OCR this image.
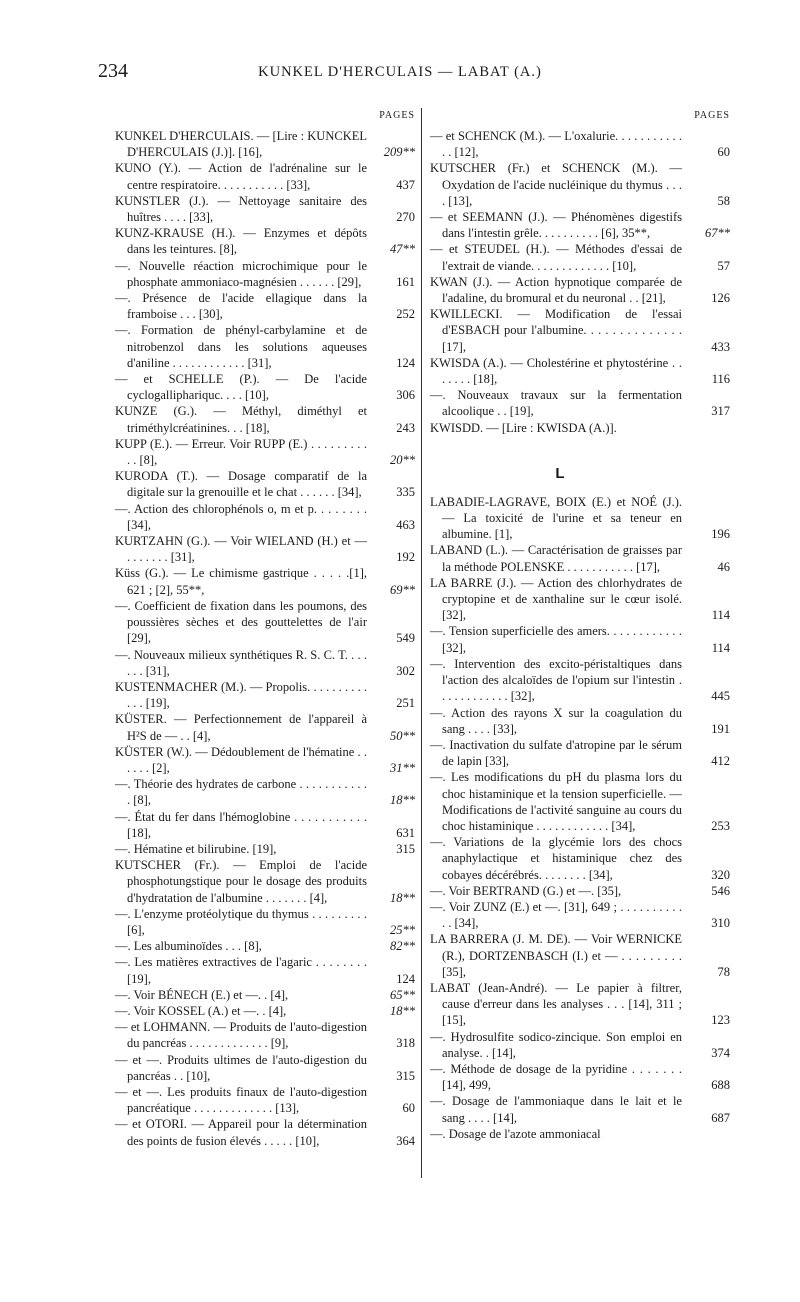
234	KUNKEL D'HERCULAIS — LABAT (A.)
PAGES
KUNKEL D'HERCULAIS. — [Lire : KUNCKEL D'HERCULAIS (J.)]. [16],	209**
KUNO (Y.). — Action de l'adrénaline sur le centre respiratoire. . . . . . . . . . . [33],	437
KUNSTLER (J.). — Nettoyage sanitaire des huîtres . . . . [33],	270
KUNZ-KRAUSE (H.). — Enzymes et dépôts dans les teintures. [8],	47**
—. Nouvelle réaction microchimique pour le phosphate ammoniaco-magnésien . . . . . . [29],	161
—. Présence de l'acide ellagique dans la framboise . . . [30],	252
—. Formation de phényl-carbylamine et de nitrobenzol dans les solutions aqueuses d'aniline . . . . . . . . . . . . [31],	124
— et SCHELLE (P.). — De l'acide cyclogalliphariquc. . . . [10],	306
KUNZE (G.). — Méthyl, diméthyl et triméthylcréatinines. . . [18],	243
KUPP (E.). — Erreur. Voir RUPP (E.) . . . . . . . . . . . [8],	20**
KURODA (T.). — Dosage comparatif de la digitale sur la grenouille et le chat . . . . . . [34],	335
—. Action des chlorophénols o, m et p. . . . . . . . [34],	463
KURTZAHN (G.). — Voir WIELAND (H.) et — . . . . . . . [31],	192
Küss (G.). — Le chimisme gastrique . . . . .[1], 621 ; [2], 55**,	69**
—. Coefficient de fixation dans les poumons, des poussières sèches et des gouttelettes de l'air [29],	549
—. Nouveaux milieux synthétiques R. S. C. T. . . . . . . [31],	302
KUSTENMACHER (M.). — Propolis. . . . . . . . . . . . . [19],	251
KÜSTER. — Perfectionnement de l'appareil à H²S de — . . [4],	50**
KÜSTER (W.). — Dédoublement de l'hématine . . . . . . [2],	31**
—. Théorie des hydrates de carbone . . . . . . . . . . . . [8],	18**
—. État du fer dans l'hémoglobine . . . . . . . . . . . [18],	631
—. Hématine et bilirubine. [19],	315
KUTSCHER (Fr.). — Emploi de l'acide phosphotungstique pour le dosage des produits d'hydratation de l'albumine . . . . . . . [4],	18**
—. L'enzyme protéolytique du thymus . . . . . . . . . [6],	25**
—. Les albuminoïdes . . . [8],	82**
—. Les matières extractives de l'agaric . . . . . . . . [19],	124
—. Voir BÉNECH (E.) et —. . [4],	65**
—. Voir KOSSEL (A.) et —. . [4],	18**
— et LOHMANN. — Produits de l'auto-digestion du pancréas . . . . . . . . . . . . . [9],	318
— et —. Produits ultimes de l'auto-digestion du pancréas . . [10],	315
— et —. Les produits finaux de l'auto-digestion pancréatique . . . . . . . . . . . . . [13],	60
— et OTORI. — Appareil pour la détermination des points de fusion élevés . . . . . [10],	364
PAGES
— et SCHENCK (M.). — L'oxalurie. . . . . . . . . . . . . [12],	60
KUTSCHER (Fr.) et SCHENCK (M.). — Oxydation de l'acide nucléinique du thymus . . . . [13],	58
— et SEEMANN (J.). — Phénomènes digestifs dans l'intestin grêle. . . . . . . . . . [6], 35**,	67**
— et STEUDEL (H.). — Méthodes d'essai de l'extrait de viande. . . . . . . . . . . . . [10],	57
KWAN (J.). — Action hypnotique comparée de l'adaline, du bromural et du neuronal . . [21],	126
KWILLECKI. — Modification de l'essai d'ESBACH pour l'albumine. . . . . . . . . . . . . . [17],	433
KWISDA (A.). — Cholestérine et phytostérine . . . . . . . [18],	116
—. Nouveaux travaux sur la fermentation alcoolique . . [19],	317
KWISDD. — [Lire : KWISDA (A.)].
L
LABADIE-LAGRAVE, BOIX (E.) et NOÉ (J.). — La toxicité de l'urine et sa teneur en albumine. [1],	196
LABAND (L.). — Caractérisation de graisses par la méthode POLENSKE . . . . . . . . . . . [17],	46
LA BARRE (J.). — Action des chlorhydrates de cryptopine et de xanthaline sur le cœur isolé. [32],	114
—. Tension superficielle des amers. . . . . . . . . . . . [32],	114
—. Intervention des excito-péristaltiques dans l'action des alcaloïdes de l'opium sur l'intestin . . . . . . . . . . . . [32],	445
—. Action des rayons X sur la coagulation du sang . . . . [33],	191
—. Inactivation du sulfate d'atropine par le sérum de lapin [33],	412
—. Les modifications du pH du plasma lors du choc histaminique et la tension superficielle. — Modifications de l'activité sanguine au cours du choc histaminique . . . . . . . . . . . . [34],	253
—. Variations de la glycémie lors des chocs anaphylactique et histaminique chez des cobayes décérébrés. . . . . . . . [34],	320
—. Voir BERTRAND (G.) et —. [35],	546
—. Voir ZUNZ (E.) et —. [31], 649 ; . . . . . . . . . . . . [34],	310
LA BARRERA (J. M. DE). — Voir WERNICKE (R.), DORTZENBASCH (I.) et — . . . . . . . . . [35],	78
LABAT (Jean-André). — Le papier à filtrer, cause d'erreur dans les analyses . . . [14], 311 ; [15],	123
—. Hydrosulfite sodico-zincique. Son emploi en analyse. . [14],	374
—. Méthode de dosage de la pyridine . . . . . . . [14], 499,	688
—. Dosage de l'ammoniaque dans le lait et le sang . . . . [14],	687
—. Dosage de l'azote ammoniacal
